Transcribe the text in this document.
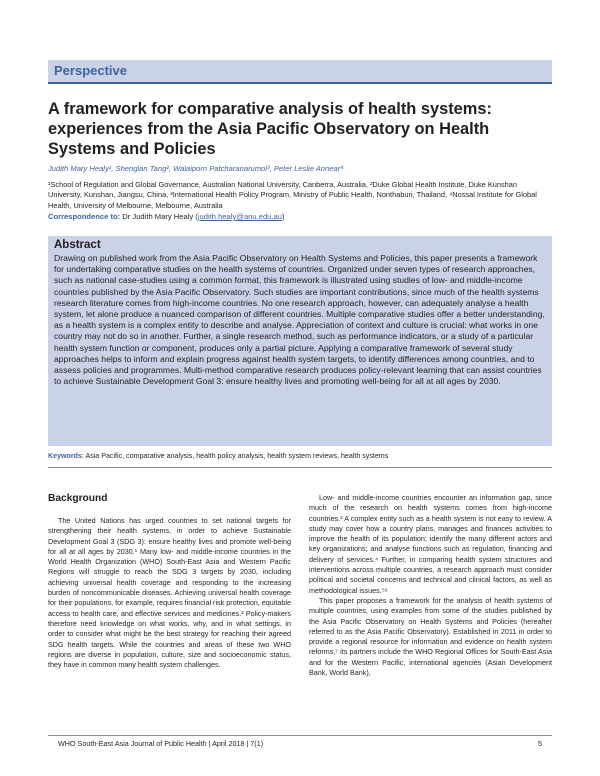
Perspective
A framework for comparative analysis of health systems: experiences from the Asia Pacific Observatory on Health Systems and Policies

Judith Mary Healy¹, Shenglan Tang², Walaiporn Patcharanarumol³, Peter Leslie Annear⁴

¹School of Regulation and Global Governance, Australian National University, Canberra, Australia, ²Duke Global Health Institute, Duke Kunshan University, Kunshan, Jiangsu, China, ³International Health Policy Program, Ministry of Public Health, Nonthaburi, Thailand, ⁴Nossal Institute for Global Health, University of Melbourne, Melbourne, Australia

Correspondence to: Dr Judith Mary Healy (judith.healy@anu.edu.au)

Abstract

Drawing on published work from the Asia Pacific Observatory on Health Systems and Policies, this paper presents a framework for undertaking comparative studies on the health systems of countries. Organized under seven types of research approaches, such as national case-studies using a common format, this framework is illustrated using studies of low- and middle-income countries published by the Asia Pacific Observatory. Such studies are important contributions, since much of the health systems research literature comes from high-income countries. No one research approach, however, can adequately analyse a health system, let alone produce a nuanced comparison of different countries. Multiple comparative studies offer a better understanding, as a health system is a complex entity to describe and analyse. Appreciation of context and culture is crucial: what works in one country may not do so in another. Further, a single research method, such as performance indicators, or a study of a particular health system function or component, produces only a partial picture. Applying a comparative framework of several study approaches helps to inform and explain progress against health system targets, to identify differences among countries, and to assess policies and programmes. Multi-method comparative research produces policy-relevant learning that can assist countries to achieve Sustainable Development Goal 3: ensure healthy lives and promoting well-being for all at all ages by 2030.

Keywords: Asia Pacific, comparative analysis, health policy analysis, health system reviews, health systems

Background

The United Nations has urged countries to set national targets for strengthening their health systems, in order to achieve Sustainable Development Goal 3 (SDG 3): ensure healthy lives and promote well-being for all at all ages by 2030.¹ Many low- and middle-income countries in the World Health Organization (WHO) South-East Asia and Western Pacific Regions will struggle to reach the SDG 3 targets by 2030, including achieving universal health coverage and responding to the increasing burden of noncommunicable diseases. Achieving universal health coverage for their populations, for example, requires financial risk protection, equitable access to health care, and effective services and medicines.² Policy-makers therefore need knowledge on what works, why, and in what settings, in order to consider what might be the best strategy for reaching their agreed SDG health targets. While the countries and areas of these two WHO regions are diverse in population, culture, size and socioeconomic status, they have in common many health system challenges.

Low- and middle-income countries encounter an information gap, since much of the research on health systems comes from high-income countries.³ A complex entity such as a health system is not easy to review. A study may cover how a country plans, manages and finances activities to improve the health of its population; identify the many different actors and key organizations; and analyse functions such as regulation, financing and delivery of services.⁴ Further, in comparing health system structures and interventions across multiple countries, a research approach must consider political and societal concerns and technical and clinical factors, as well as methodological issues.⁵⁶

This paper proposes a framework for the analysis of health systems of multiple countries, using examples from some of the studies published by the Asia Pacific Observatory on Health Systems and Policies (hereafter referred to as the Asia Pacific Observatory). Established in 2011 in order to provide a regional resource for information and evidence on health system reforms,⁷ its partners include the WHO Regional Offices for South-East Asia and for the Western Pacific, international agencies (Asian Development Bank, World Bank),

WHO South-East Asia Journal of Public Health | April 2018 | 7(1)	5
